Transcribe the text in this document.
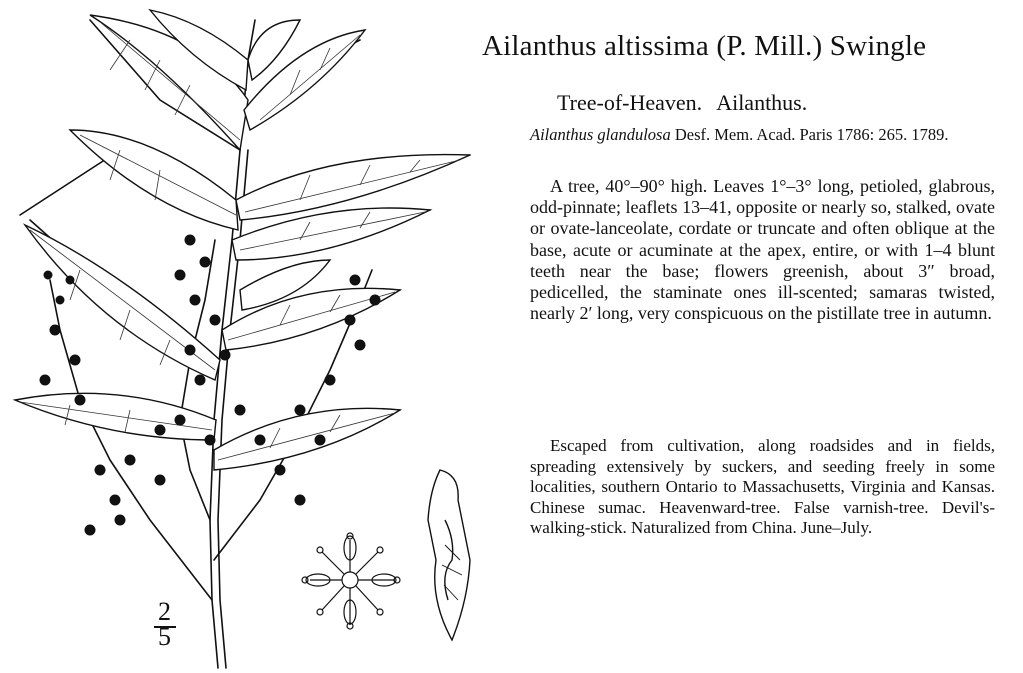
Ailanthus altissima (P. Mill.) Swingle
Tree-of-Heaven. Ailanthus.
Ailanthus glandulosa Desf. Mem. Acad. Paris 1786: 265. 1789.

A tree, 40°–90° high. Leaves 1°–3° long, petioled, glabrous, odd-pinnate; leaflets 13–41, opposite or nearly so, stalked, ovate or ovate-lanceolate, cordate or truncate and often oblique at the base, acute or acuminate at the apex, entire, or with 1–4 blunt teeth near the base; flowers greenish, about 3″ broad, pedicelled, the staminate ones ill-scented; samaras twisted, nearly 2′ long, very conspicuous on the pistillate tree in autumn.

Escaped from cultivation, along roadsides and in fields, spreading extensively by suckers, and seeding freely in some localities, southern Ontario to Massachusetts, Virginia and Kansas. Chinese sumac. Heavenward-tree. False varnish-tree. Devil's-walking-stick. Naturalized from China. June–July.

2
5
